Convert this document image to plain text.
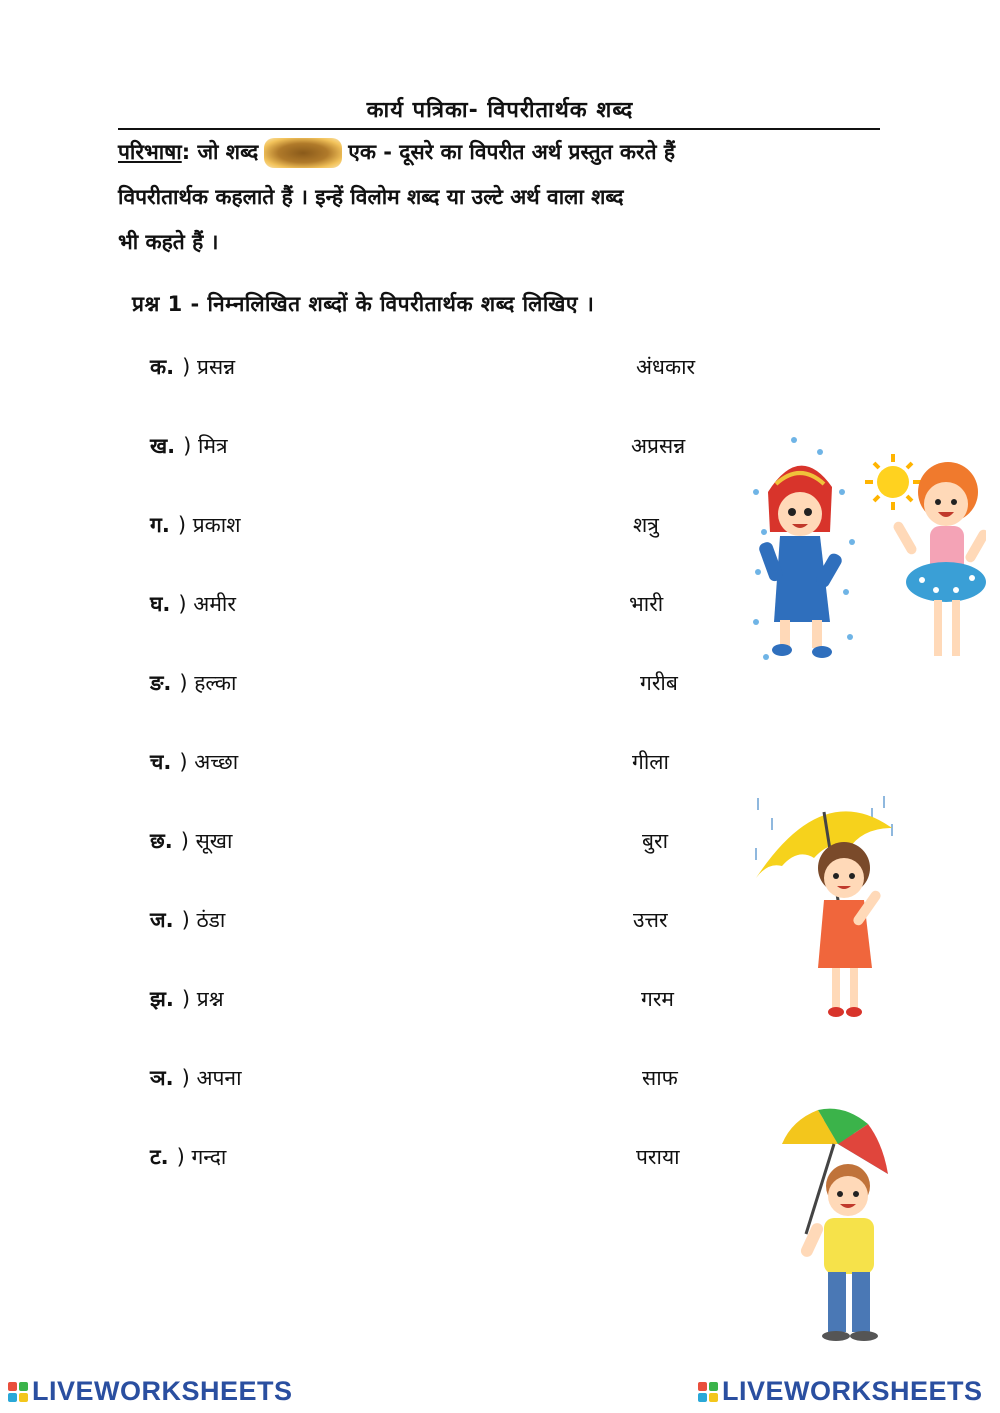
कार्य पत्रिका- विपरीतार्थक शब्द
परिभाषा: जो शब्द	एक - दूसरे का विपरीत अर्थ प्रस्तुत करते हैं
विपरीतार्थक कहलाते हैं । इन्हें विलोम शब्द या उल्टे अर्थ वाला शब्द
भी कहते हैं ।
प्रश्न 1 - निम्नलिखित शब्दों के विपरीतार्थक शब्द लिखिए ।
क. ) प्रसन्न	अंधकार
ख. ) मित्र	अप्रसन्न
ग. ) प्रकाश	शत्रु
घ. ) अमीर	भारी
ङ. ) हल्का	गरीब
च. ) अच्छा	गीला
छ. ) सूखा	बुरा
ज. ) ठंडा	उत्तर
झ. ) प्रश्न	गरम
ञ. ) अपना	साफ
ट. ) गन्दा	पराया
LIVEWORKSHEETS	LIVEWORKSHEETS
